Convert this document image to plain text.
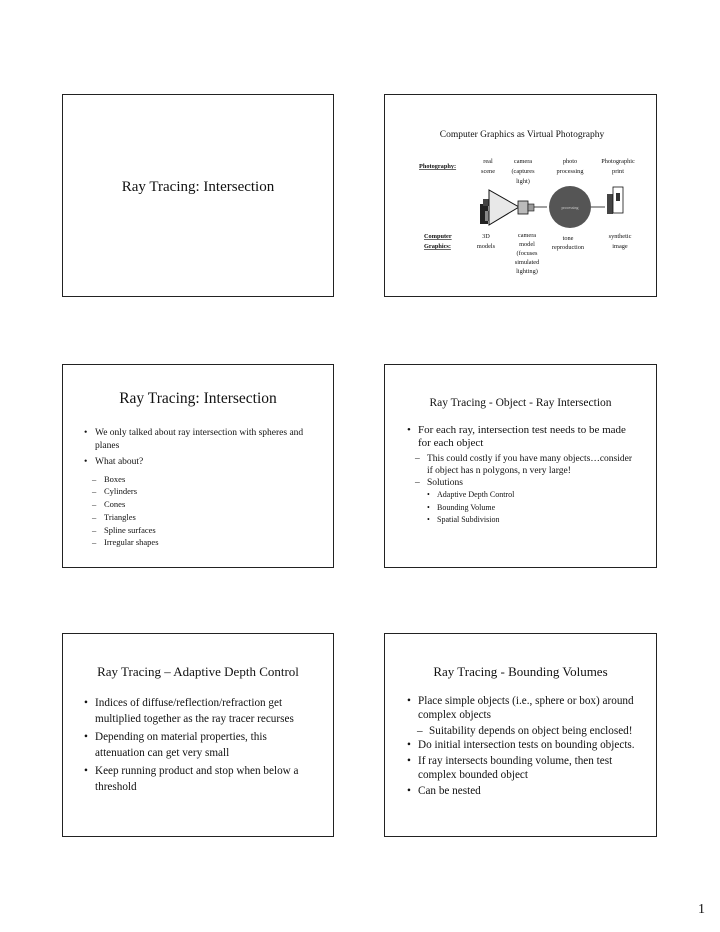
Ray Tracing: Intersection
Computer Graphics as Virtual Photography
Photography:
real
scene
camera
(captures
light)
photo
processing
Photographic
print
processing
Computer
Graphics:
3D
models
camera
model
(focuses
simulated
lighting)
tone
reproduction
synthetic
image
Ray Tracing: Intersection
• We only talked about ray intersection with spheres and planes
• What about?
– Boxes
– Cylinders
– Cones
– Triangles
– Spline surfaces
– Irregular shapes
Ray Tracing - Object - Ray Intersection
• For each ray, intersection test needs to be made for each object
– This could costly if you have many objects…consider if object has n polygons, n very large!
– Solutions
• Adaptive Depth Control
• Bounding Volume
• Spatial Subdivision
Ray Tracing – Adaptive Depth Control
• Indices of diffuse/reflection/refraction get multiplied together as the ray tracer recurses
• Depending on material properties, this attenuation can get very small
• Keep running product and stop when below a threshold
Ray Tracing - Bounding Volumes
• Place simple objects (i.e., sphere or box) around complex objects
– Suitability depends on object being enclosed!
• Do initial intersection tests on bounding objects.
• If ray intersects bounding volume, then test complex bounded object
• Can be nested
1
